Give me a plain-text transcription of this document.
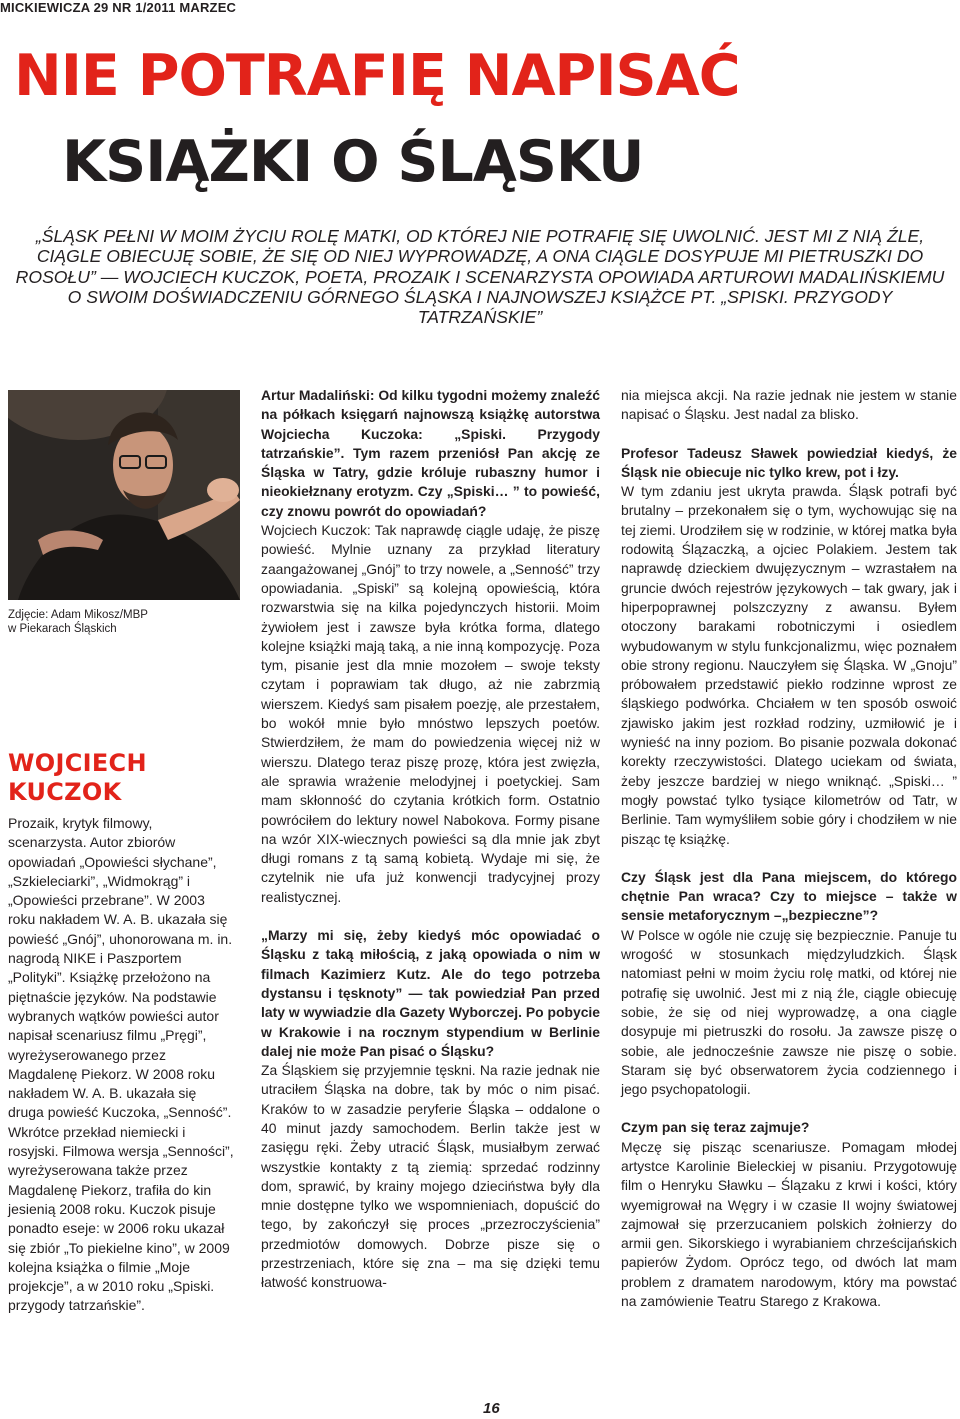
MICKIEWICZA 29 NR 1/2011 MARZEC
NIE POTRAFIĘ NAPISAĆ
KSIĄŻKI O ŚLĄSKU

„ŚLĄSK PEŁNI W MOIM ŻYCIU ROLĘ MATKI, OD KTÓREJ NIE POTRAFIĘ SIĘ UWOLNIĆ. JEST MI Z NIĄ ŹLE, CIĄGLE OBIECUJĘ SOBIE, ŻE SIĘ OD NIEJ WYPROWADZĘ, A ONA CIĄGLE DOSYPUJE MI PIETRUSZKI DO ROSOŁU” — WOJCIECH KUCZOK, POETA, PROZAIK I SCENARZYSTA OPOWIADA ARTUROWI MADALIŃSKIEMU O SWOIM DOŚWIADCZENIU GÓRNEGO ŚLĄSKA I NAJNOWSZEJ KSIĄŻCE PT. „SPISKI. PRZYGODY TATRZAŃSKIE”

Zdjęcie: Adam Mikosz/MBP
w Piekarach Śląskich
WOJCIECH
KUCZOK

Prozaik, krytyk filmowy, scenarzysta. Autor zbiorów opowiadań „Opowieści słychane”, „Szkieleciarki”, „Widmokrąg” i „Opowieści przebrane”. W 2003 roku nakładem W. A. B. ukazała się powieść „Gnój”, uhonorowana m. in. nagrodą NIKE i Paszportem „Polityki”. Książkę przełożono na piętnaście języków. Na podstawie wybranych wątków powieści autor napisał scenariusz filmu „Pręgi”, wyreżyserowanego przez Magdalenę Piekorz. W 2008 roku nakładem W. A. B. ukazała się druga powieść Kuczoka, „Senność”. Wkrótce przekład niemiecki i rosyjski. Filmowa wersja „Senności”, wyreżyserowana także przez Magdalenę Piekorz, trafiła do kin jesienią 2008 roku. Kuczok pisuje ponadto eseje: w 2006 roku ukazał się zbiór „To piekielne kino”, w 2009 kolejna książka o filmie „Moje projekcje”, a w 2010 roku „Spiski. przygody tatrzańskie”.

Artur Madaliński: Od kilku tygodni możemy znaleźć na półkach księgarń najnowszą książkę autorstwa Wojciecha Kuczoka: „Spiski. Przygody tatrzańskie”. Tym razem przeniósł Pan akcję ze Śląska w Tatry, gdzie króluje rubaszny humor i nieokiełznany erotyzm. Czy „Spiski… ” to powieść, czy znowu powrót do opowiadań?

Wojciech Kuczok: Tak naprawdę ciągle udaję, że piszę powieść. Mylnie uznany za przykład literatury zaangażowanej „Gnój” to trzy nowele, a „Senność” trzy opowiadania. „Spiski” są kolejną opowieścią, która rozwarstwia się na kilka pojedynczych historii. Moim żywiołem jest i zawsze była krótka forma, dlatego kolejne książki mają taką, a nie inną kompozycję. Poza tym, pisanie jest dla mnie mozołem – swoje teksty czytam i poprawiam tak długo, aż nie zabrzmią wierszem. Kiedyś sam pisałem poezję, ale przestałem, bo wokół mnie było mnóstwo lepszych poetów. Stwierdziłem, że mam do powiedzenia więcej niż w wierszu. Dlatego teraz piszę prozę, która jest zwięzła, ale sprawia wrażenie melodyjnej i poetyckiej. Sam mam skłonność do czytania krótkich form. Ostatnio powróciłem do lektury nowel Nabokova. Formy pisane na wzór XIX-wiecznych powieści są dla mnie jak zbyt długi romans z tą samą kobietą. Wydaje mi się, że czytelnik nie ufa już konwencji tradycyjnej prozy realistycznej.

„Marzy mi się, żeby kiedyś móc opowiadać o Śląsku z taką miłością, z jaką opowiada o nim w filmach Kazimierz Kutz. Ale do tego potrzeba dystansu i tęsknoty” — tak powiedział Pan przed laty w wywiadzie dla Gazety Wyborczej. Po pobycie w Krakowie i na rocznym stypendium w Berlinie dalej nie może Pan pisać o Śląsku?

Za Śląskiem się przyjemnie tęskni. Na razie jednak nie utraciłem Śląska na dobre, tak by móc o nim pisać. Kraków to w zasadzie peryferie Śląska – oddalone o 40 minut jazdy samochodem. Berlin także jest w zasięgu ręki. Żeby utracić Śląsk, musiałbym zerwać wszystkie kontakty z tą ziemią: sprzedać rodzinny dom, sprawić, by krainy mojego dzieciństwa były dla mnie dostępne tylko we wspomnieniach, dopuścić do tego, by zakończył się proces „przezroczyścienia” przedmiotów domowych. Dobrze pisze się o przestrzeniach, które się zna – ma się dzięki temu łatwość konstruowa-

nia miejsca akcji. Na razie jednak nie jestem w stanie napisać o Śląsku. Jest nadal za blisko.

Profesor Tadeusz Sławek powiedział kiedyś, że Śląsk nie obiecuje nic tylko krew, pot i łzy.

W tym zdaniu jest ukryta prawda. Śląsk potrafi być brutalny – przekonałem się o tym, wychowując się na tej ziemi. Urodziłem się w rodzinie, w której matka była rodowitą Ślązaczką, a ojciec Polakiem. Jestem tak naprawdę dzieckiem dwujęzycznym – wzrastałem na gruncie dwóch rejestrów językowych – tak gwary, jak i hiperpoprawnej polszczyzny z awansu. Byłem otoczony barakami robotniczymi i osiedlem wybudowanym w stylu funkcjonalizmu, więc poznałem obie strony regionu. Nauczyłem się Śląska. W „Gnoju” próbowałem przedstawić piekło rodzinne wprost ze śląskiego podwórka. Chciałem w ten sposób oswoić zjawisko jakim jest rozkład rodziny, uzmiłowić je i wynieść na inny poziom. Bo pisanie pozwala dokonać korekty rzeczywistości. Dlatego uciekam od świata, żeby jeszcze bardziej w niego wniknąć. „Spiski… ” mogły powstać tylko tysiące kilometrów od Tatr, w Berlinie. Tam wymyśliłem sobie góry i chodziłem w nie pisząc tę książkę.

Czy Śląsk jest dla Pana miejscem, do którego chętnie Pan wraca? Czy to miejsce – także w sensie metaforycznym –„bezpieczne”?

W Polsce w ogóle nie czuję się bezpiecznie. Panuje tu wrogość w stosunkach międzyludzkich. Śląsk natomiast pełni w moim życiu rolę matki, od której nie potrafię się uwolnić. Jest mi z nią źle, ciągle obiecuję sobie, że się od niej wyprowadzę, a ona ciągle dosypuje mi pietruszki do rosołu. Ja zawsze piszę o sobie, ale jednocześnie zawsze nie piszę o sobie. Staram się być obserwatorem życia codziennego i jego psychopatologii.

Czym pan się teraz zajmuje?

Męczę się pisząc scenariusze. Pomagam młodej artystce Karolinie Bieleckiej w pisaniu. Przygotowuję film o Henryku Sławku – Ślązaku z krwi i kości, który wyemigrował na Węgry i w czasie II wojny światowej zajmował się przerzucaniem polskich żołnierzy do armii gen. Sikorskiego i wyrabianiem chrześcijańskich papierów Żydom. Oprócz tego, od dwóch lat mam problem z dramatem narodowym, który ma powstać na zamówienie Teatru Starego z Krakowa.

16
